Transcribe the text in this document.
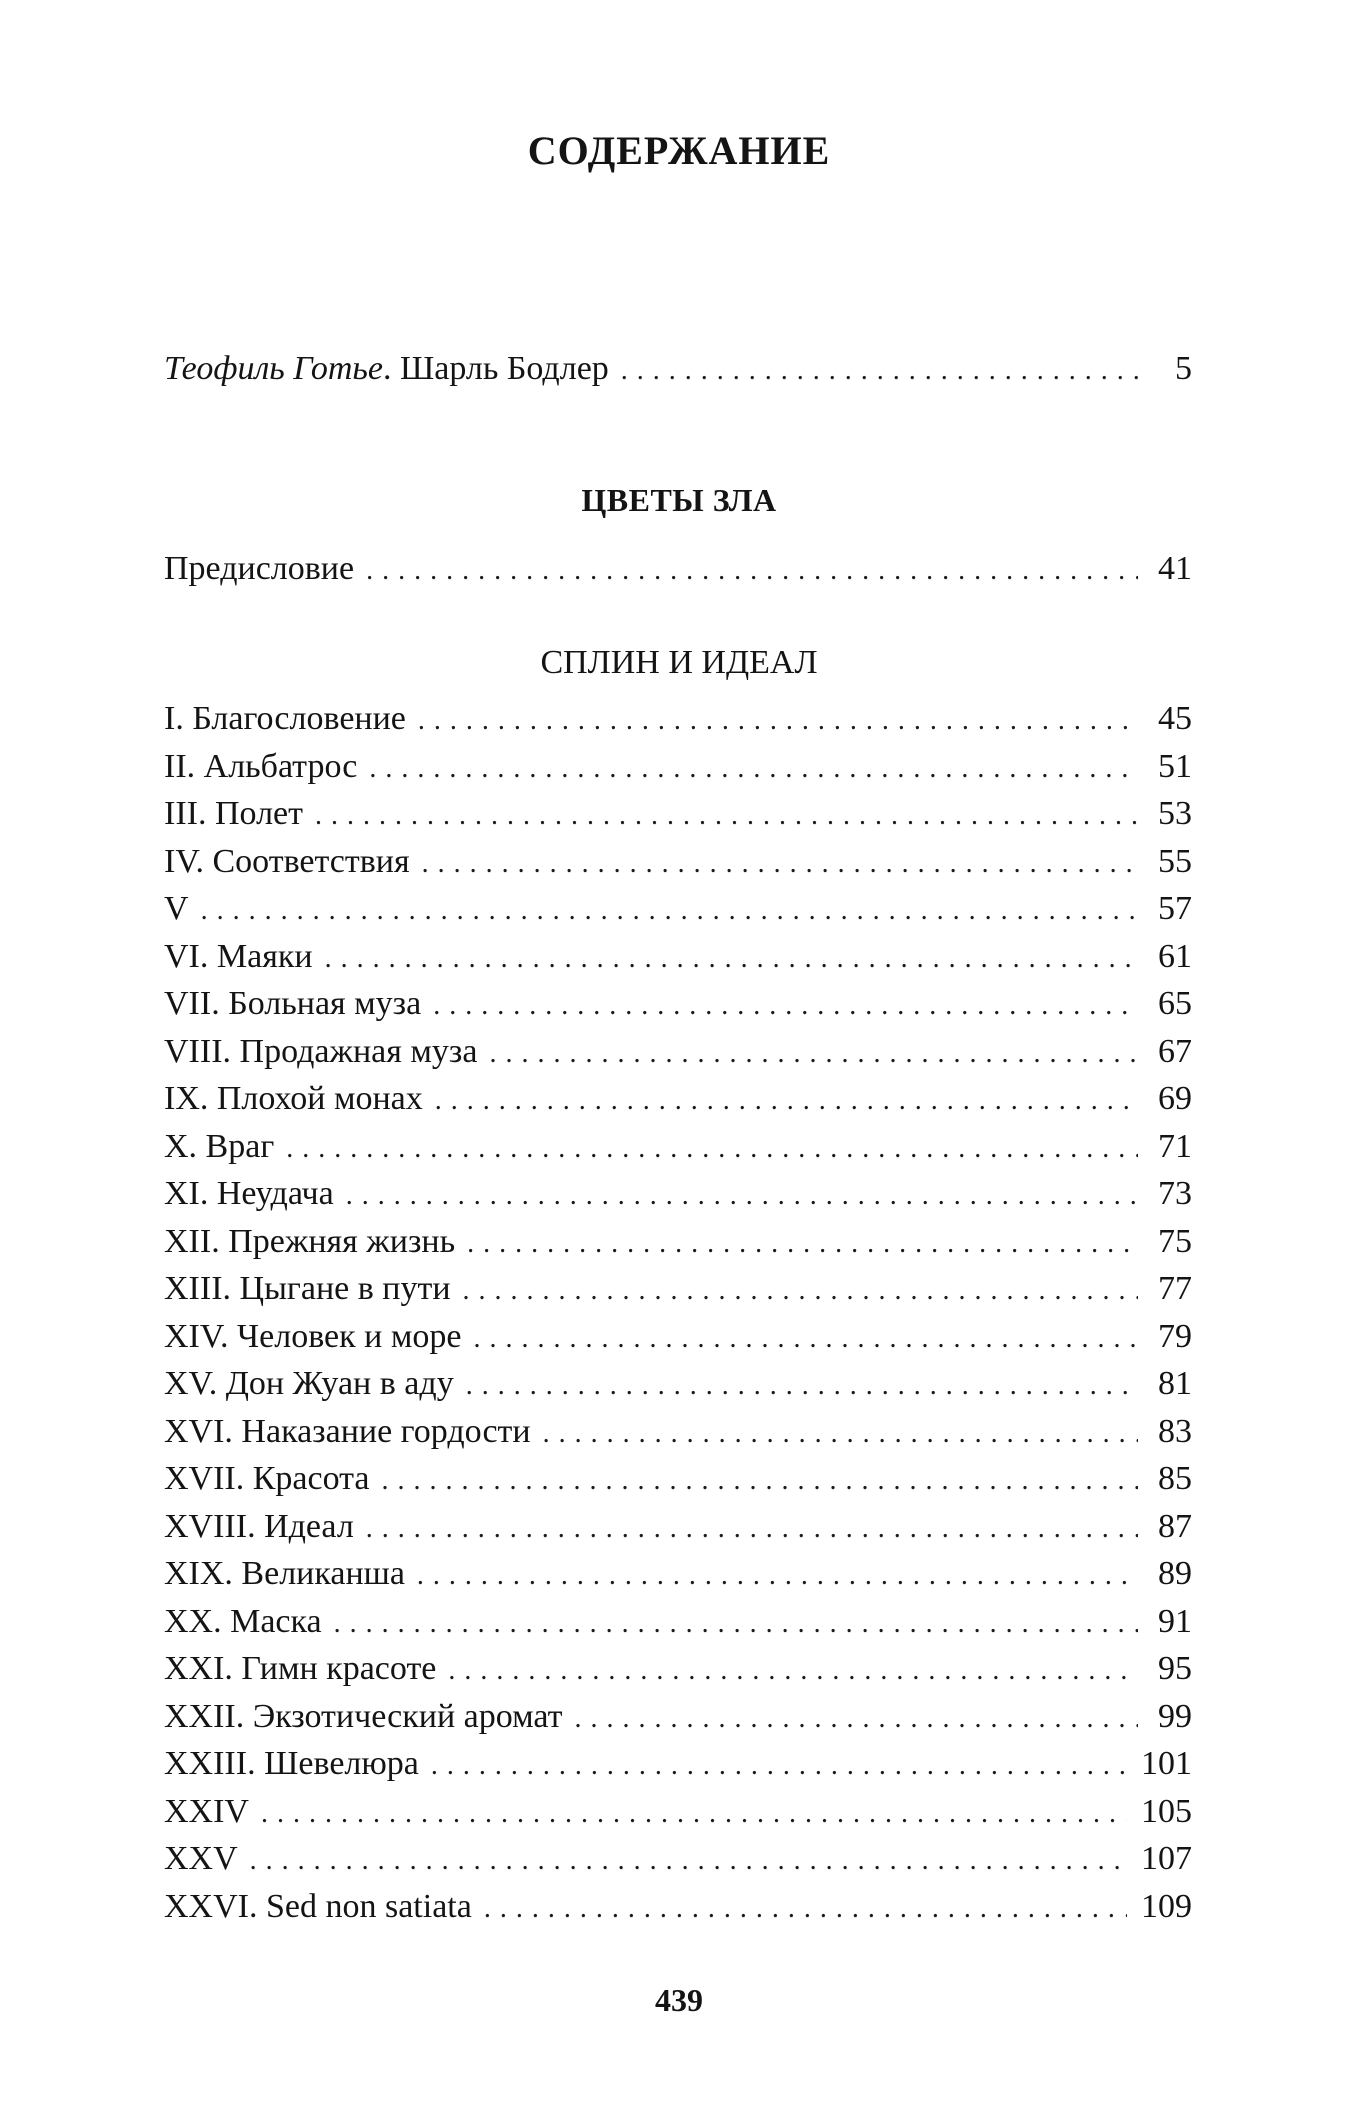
СОДЕРЖАНИЕ
Теофиль Готье. Шарль Бодлер . . .	5
ЦВЕТЫ ЗЛА
Предисловие . . .	41
СПЛИН И ИДЕАЛ
I. Благословение . . .	45
II. Альбатрос . . .	51
III. Полет . . .	53
IV. Соответствия . . .	55
V . . .	57
VI. Маяки . . .	61
VII. Больная муза . . .	65
VIII. Продажная муза . . .	67
IX. Плохой монах . . .	69
X. Враг . . .	71
XI. Неудача . . .	73
XII. Прежняя жизнь . . .	75
XIII. Цыгане в пути . . .	77
XIV. Человек и море . . .	79
XV. Дон Жуан в аду . . .	81
XVI. Наказание гордости . . .	83
XVII. Красота . . .	85
XVIII. Идеал . . .	87
XIX. Великанша . . .	89
XX. Маска . . .	91
XXI. Гимн красоте . . .	95
XXII. Экзотический аромат . . .	99
XXIII. Шевелюра . . .	101
XXIV . . .	105
XXV . . .	107
XXVI. Sed non satiata . . .	109
439
